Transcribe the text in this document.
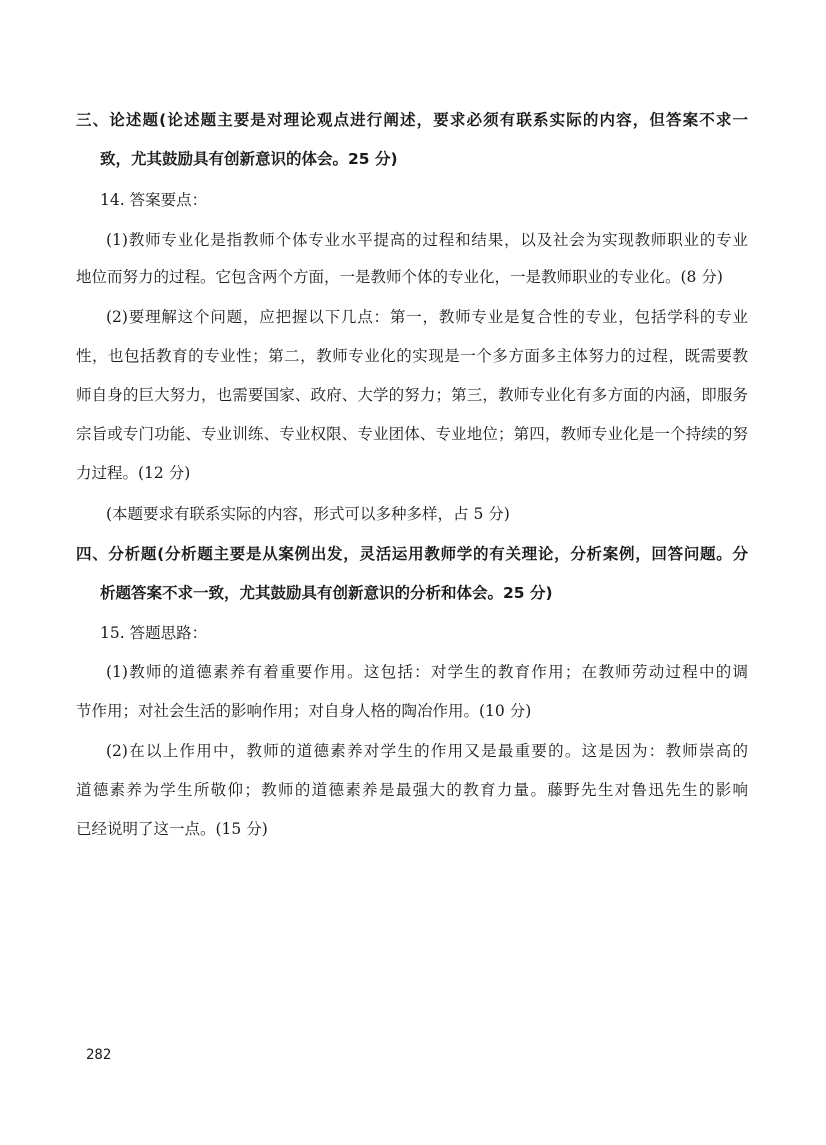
三、论述题(论述题主要是对理论观点进行阐述，要求必须有联系实际的内容，但答案不求一
致，尤其鼓励具有创新意识的体会。25 分)
14. 答案要点：
(1)教师专业化是指教师个体专业水平提高的过程和结果，以及社会为实现教师职业的专业
地位而努力的过程。它包含两个方面，一是教师个体的专业化，一是教师职业的专业化。(8 分)
(2)要理解这个问题，应把握以下几点：第一，教师专业是复合性的专业，包括学科的专业
性，也包括教育的专业性；第二，教师专业化的实现是一个多方面多主体努力的过程，既需要教
师自身的巨大努力，也需要国家、政府、大学的努力；第三，教师专业化有多方面的内涵，即服务
宗旨或专门功能、专业训练、专业权限、专业团体、专业地位；第四，教师专业化是一个持续的努
力过程。(12 分)
(本题要求有联系实际的内容，形式可以多种多样，占 5 分)
四、分析题(分析题主要是从案例出发，灵活运用教师学的有关理论，分析案例，回答问题。分
析题答案不求一致，尤其鼓励具有创新意识的分析和体会。25 分)
15. 答题思路：
(1)教师的道德素养有着重要作用。这包括：对学生的教育作用；在教师劳动过程中的调
节作用；对社会生活的影响作用；对自身人格的陶冶作用。(10 分)
(2)在以上作用中，教师的道德素养对学生的作用又是最重要的。这是因为：教师崇高的
道德素养为学生所敬仰；教师的道德素养是最强大的教育力量。藤野先生对鲁迅先生的影响
已经说明了这一点。(15 分)
282
